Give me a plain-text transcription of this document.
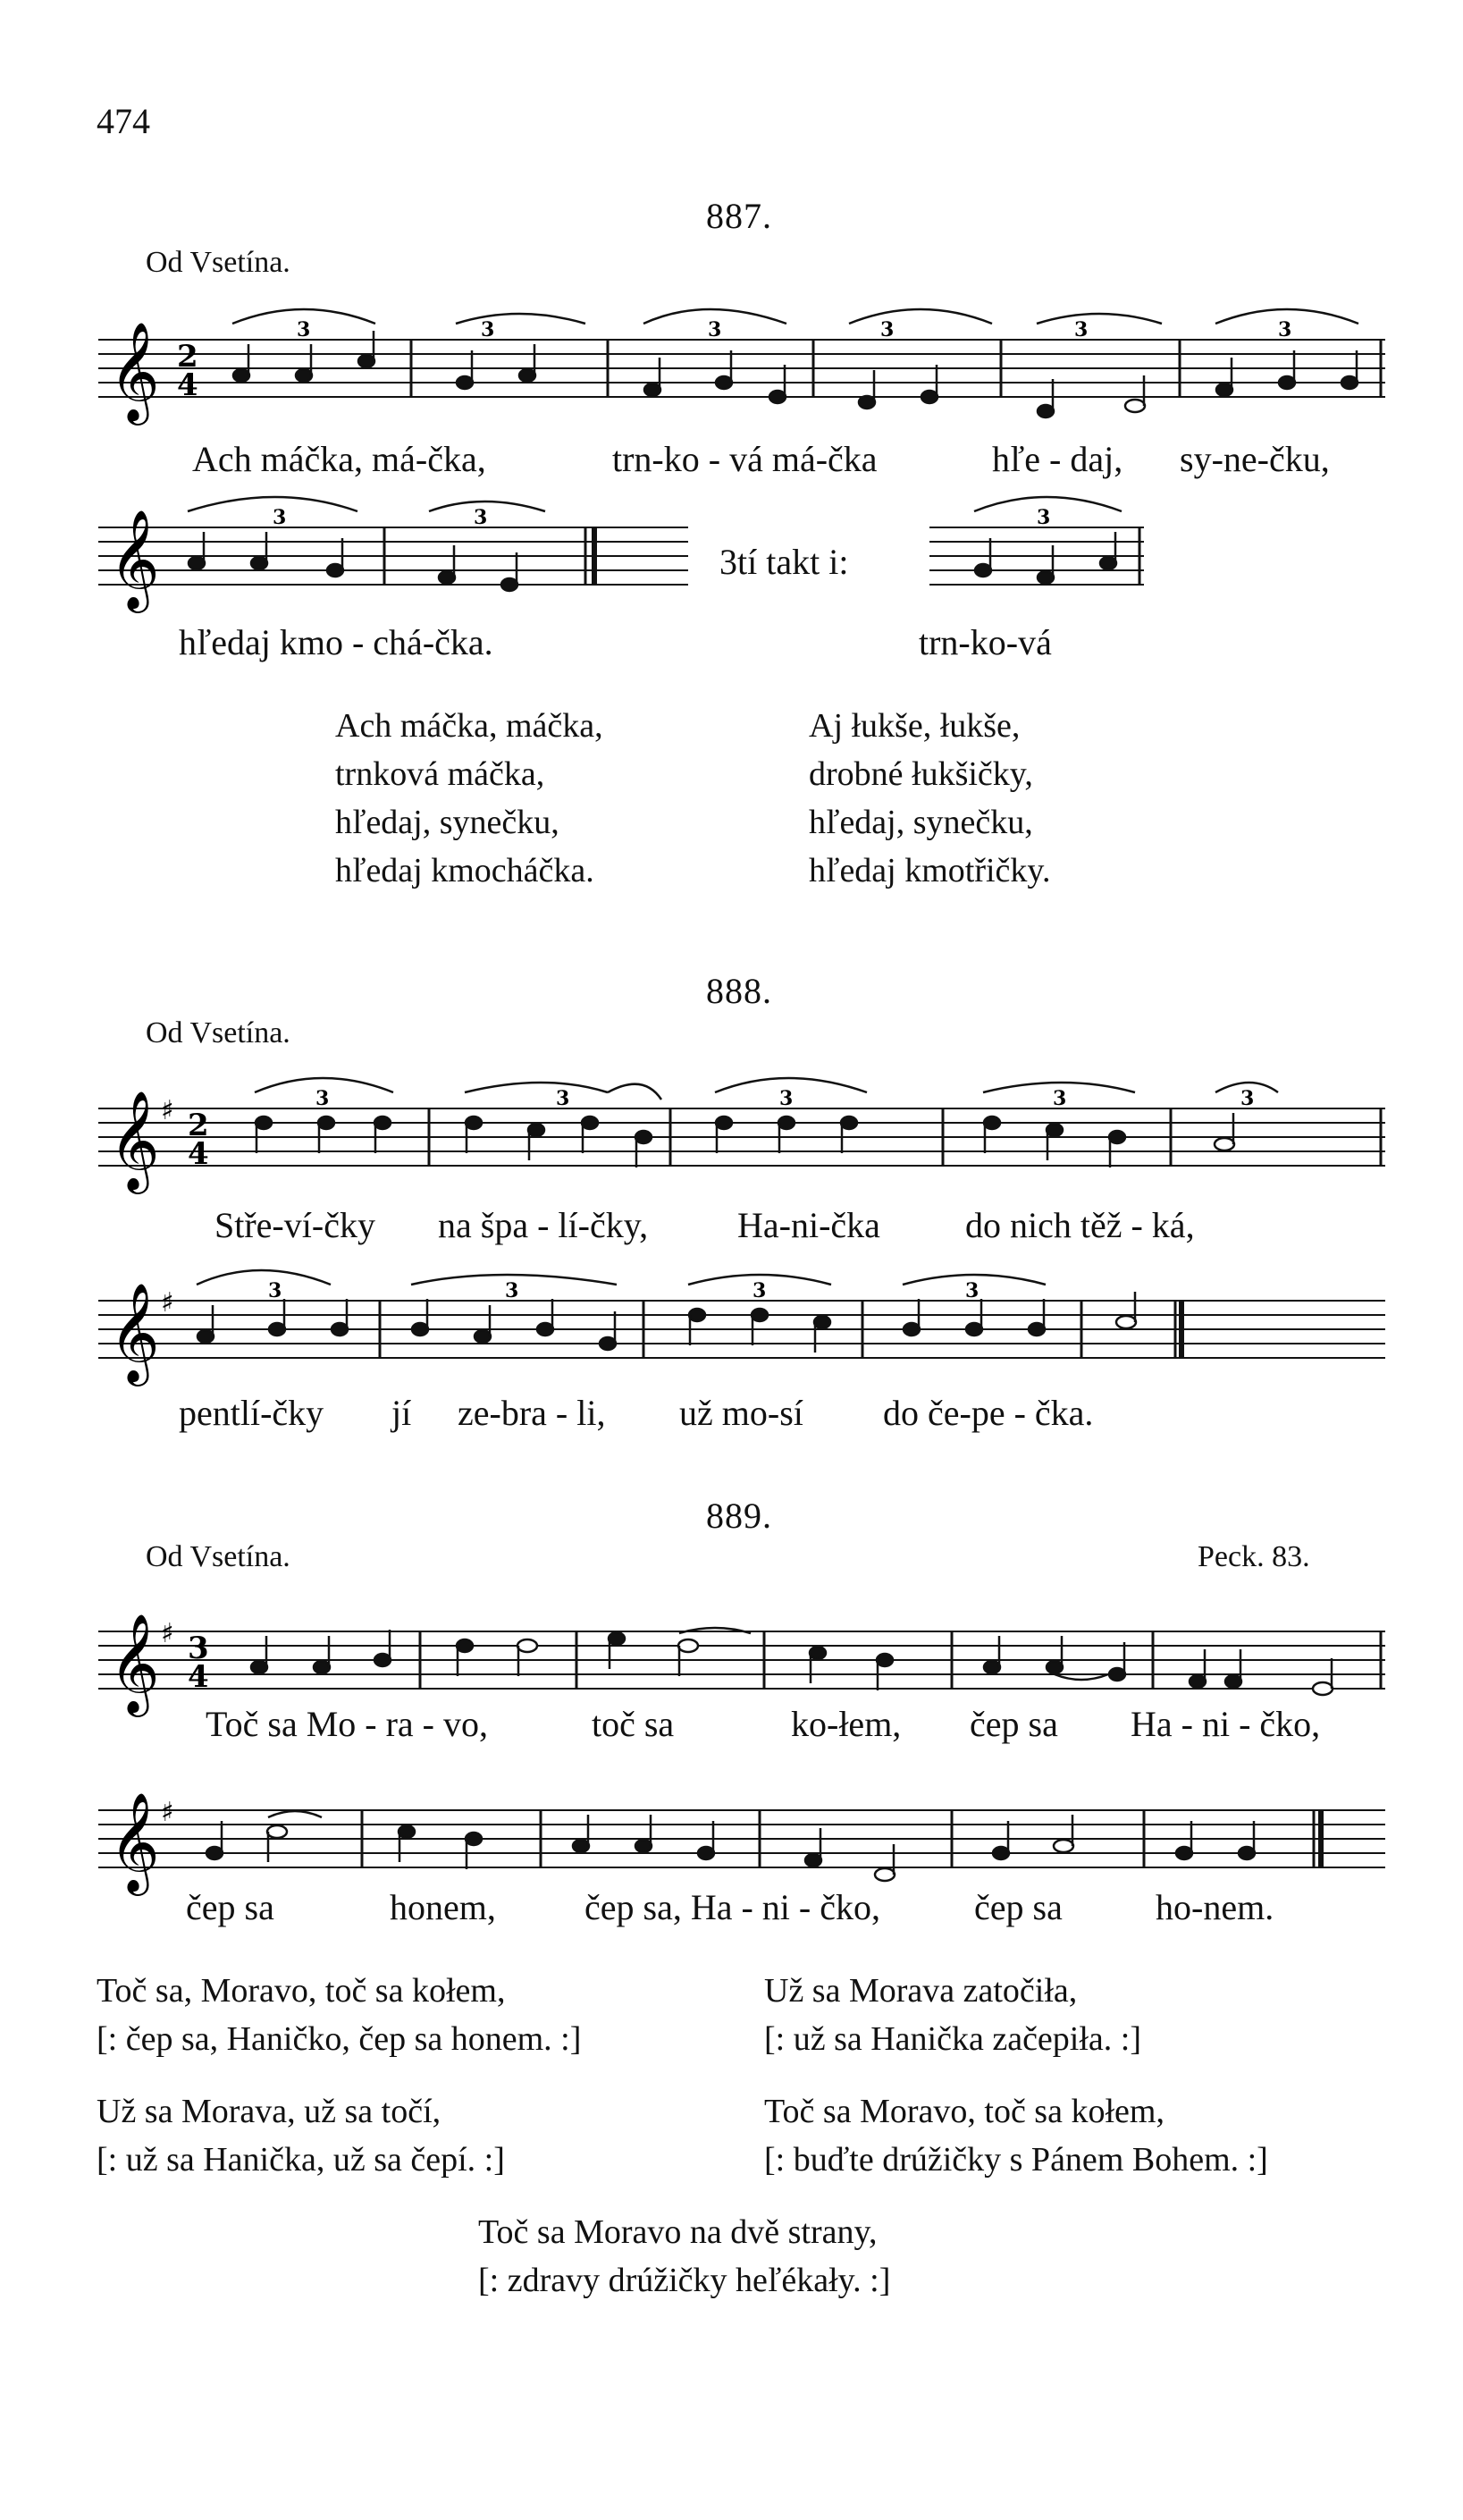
474
887.
Od Vsetína.
𝄞 2
4
3	3	3	3	3	3
Ach máčka, má-čka,	trn-ko - vá má-čka	hľe - daj, sy-ne-čku,
𝄞	3	3	3
3tí takt i:
hľedaj kmo - chá-čka.	trn-ko-vá
Ach máčka, máčka,
trnková máčka,
hľedaj, synečku,
hľedaj kmocháčka.
Aj łukše, łukše,
drobné łukšičky,
hľedaj, synečku,
hľedaj kmotřičky.
888.
Od Vsetína.
𝄞 ♯ 2
4
3	3	3	3	3
Stře-ví-čky na špa - lí-čky, Ha-ni-čka do nich těž - ká,
𝄞 ♯	3	3	3	3
pentlí-čky jí ze-bra - li, už mo-sí do če-pe - čka.
889.
Od Vsetína.	Peck. 83.
𝄞 ♯ 3
4
Toč sa Mo - ra - vo,	toč sa	ko-łem, čep sa Ha - ni - čko,
𝄞 ♯
čep sa	honem, čep sa, Ha - ni - čko,	čep sa	ho-nem.
Toč sa, Moravo, toč sa kołem,
[: čep sa, Haničko, čep sa honem. :]
Už sa Morava zatočiła,
[: už sa Hanička začepiła. :]
Už sa Morava, už sa točí,
[: už sa Hanička, už sa čepí. :]
Toč sa Moravo, toč sa kołem,
[: buďte drúžičky s Pánem Bohem. :]
Toč sa Moravo na dvě strany,
[: zdravy drúžičky heľékały. :]
